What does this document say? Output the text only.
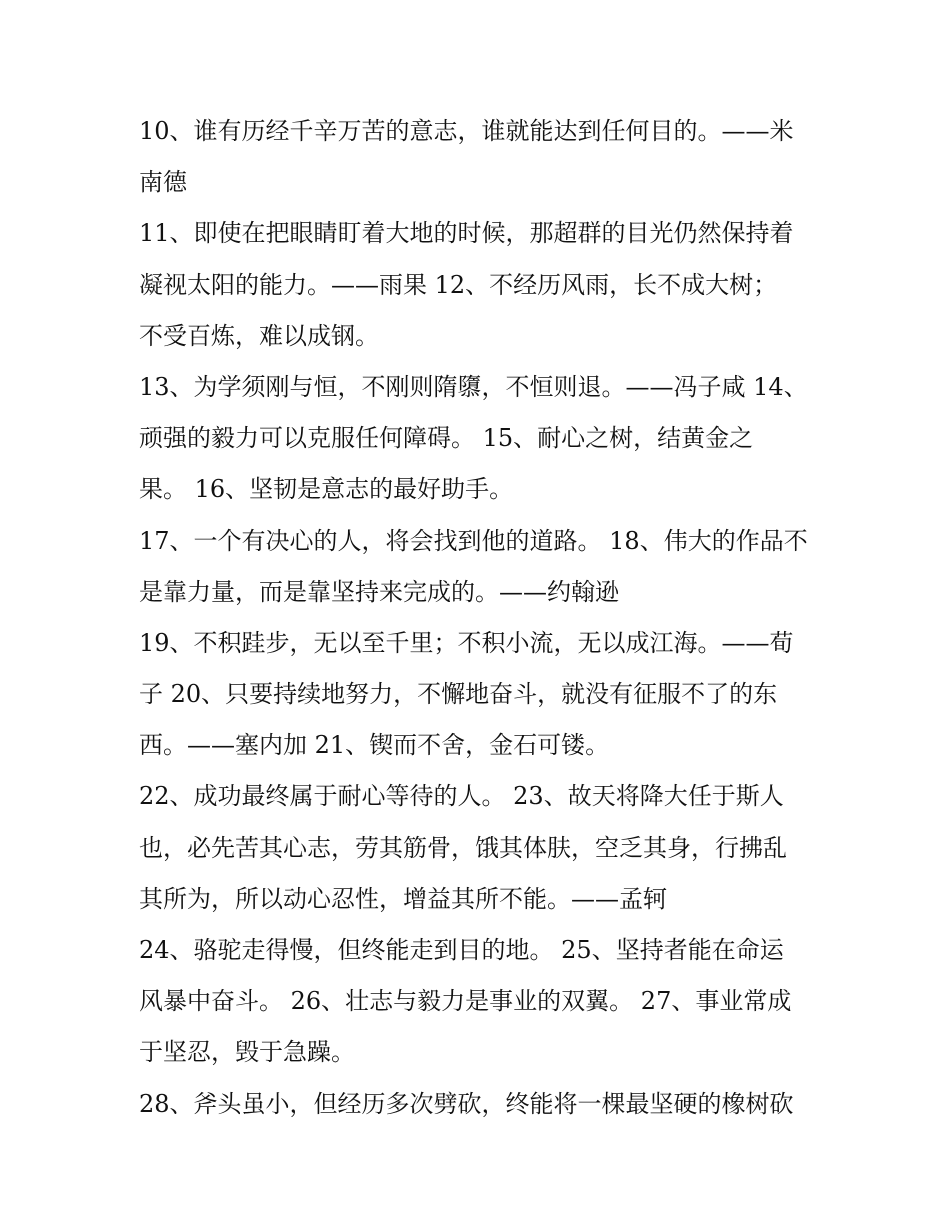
10、谁有历经千辛万苦的意志，谁就能达到任何目的。——米
南德
11、即使在把眼睛盯着大地的时候，那超群的目光仍然保持着
凝视太阳的能力。——雨果 12、不经历风雨，长不成大树；
不受百炼，难以成钢。
13、为学须刚与恒，不刚则隋隳，不恒则退。——冯子咸 14、
顽强的毅力可以克服任何障碍。 15、耐心之树，结黄金之
果。 16、坚韧是意志的最好助手。
17、一个有决心的人，将会找到他的道路。 18、伟大的作品不
是靠力量，而是靠坚持来完成的。——约翰逊
19、不积跬步，无以至千里；不积小流，无以成江海。——荀
子 20、只要持续地努力，不懈地奋斗，就没有征服不了的东
西。——塞内加 21、锲而不舍，金石可镂。
22、成功最终属于耐心等待的人。 23、故天将降大任于斯人
也，必先苦其心志，劳其筋骨，饿其体肤，空乏其身，行拂乱
其所为，所以动心忍性，增益其所不能。——孟轲
24、骆驼走得慢，但终能走到目的地。 25、坚持者能在命运
风暴中奋斗。 26、壮志与毅力是事业的双翼。 27、事业常成
于坚忍，毁于急躁。
28、斧头虽小，但经历多次劈砍，终能将一棵最坚硬的橡树砍
